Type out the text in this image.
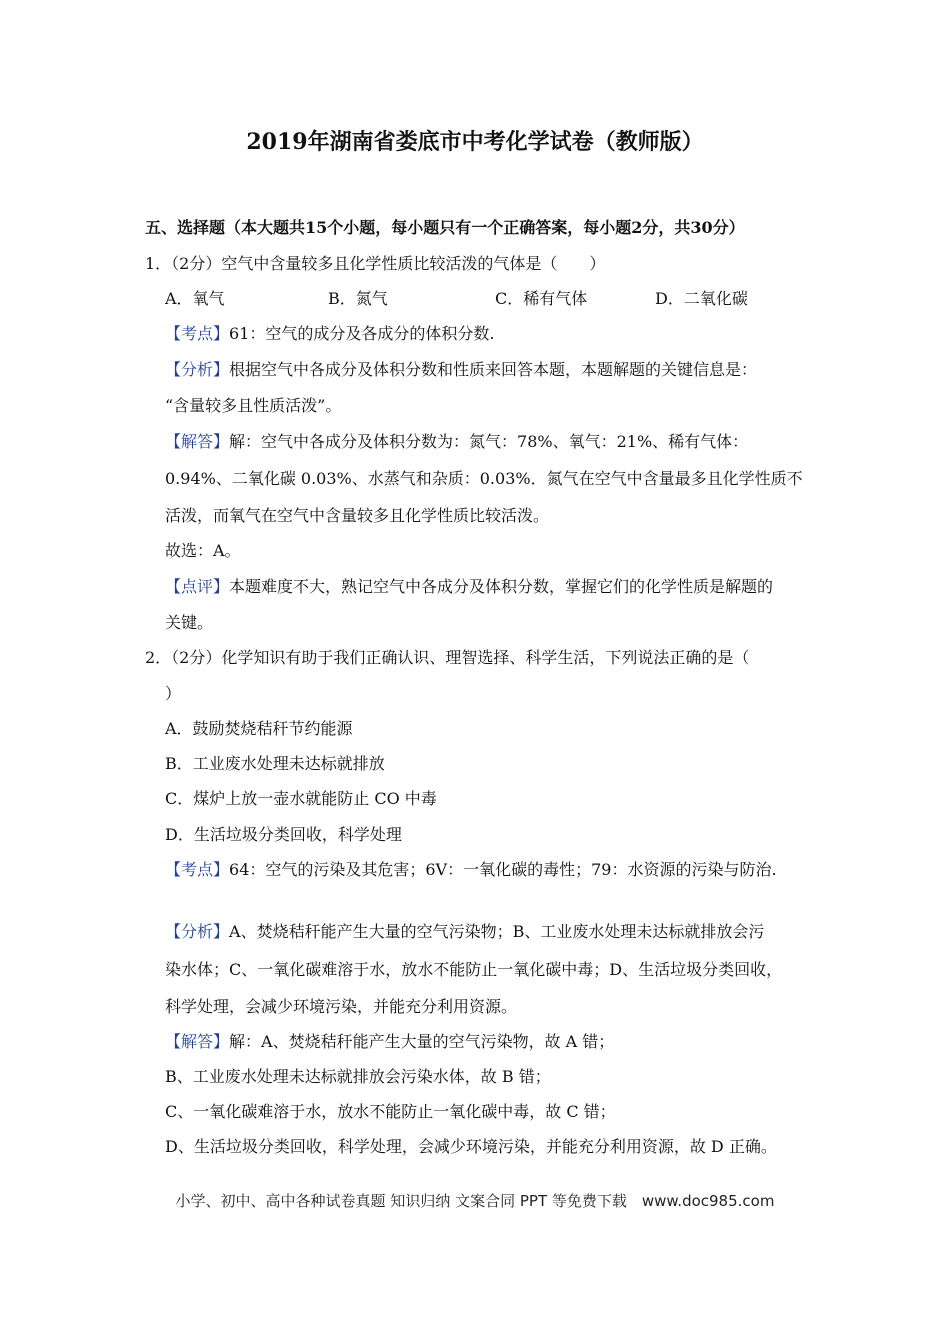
2019年湖南省娄底市中考化学试卷（教师版）
五、选择题（本大题共15个小题，每小题只有一个正确答案，每小题2分，共30分）
1．（2分）空气中含量较多且化学性质比较活泼的气体是（　　）
A．氧气	B．氮气	C．稀有气体	D．二氧化碳
【考点】61：空气的成分及各成分的体积分数.
【分析】根据空气中各成分及体积分数和性质来回答本题，本题解题的关键信息是：
“含量较多且性质活泼”。
【解答】解：空气中各成分及体积分数为：氮气：78%、氧气：21%、稀有气体：
0.94%、二氧化碳 0.03%、水蒸气和杂质：0.03%．氮气在空气中含量最多且化学性质不
活泼，而氧气在空气中含量较多且化学性质比较活泼。
故选：A。
【点评】本题难度不大，熟记空气中各成分及体积分数，掌握它们的化学性质是解题的
关键。
2．（2分）化学知识有助于我们正确认识、理智选择、科学生活，下列说法正确的是（
）
A．鼓励焚烧秸秆节约能源
B．工业废水处理未达标就排放
C．煤炉上放一壶水就能防止 CO 中毒
D．生活垃圾分类回收，科学处理
【考点】64：空气的污染及其危害；6V：一氧化碳的毒性；79：水资源的污染与防治.
【分析】A、焚烧秸秆能产生大量的空气污染物；B、工业废水处理未达标就排放会污
染水体；C、一氧化碳难溶于水，放水不能防止一氧化碳中毒；D、生活垃圾分类回收，
科学处理，会减少环境污染，并能充分利用资源。
【解答】解：A、焚烧秸秆能产生大量的空气污染物，故 A 错；
B、工业废水处理未达标就排放会污染水体，故 B 错；
C、一氧化碳难溶于水，放水不能防止一氧化碳中毒，故 C 错；
D、生活垃圾分类回收，科学处理，会减少环境污染，并能充分利用资源，故 D 正确。
小学、初中、高中各种试卷真题 知识归纳 文案合同 PPT 等免费下载　www.doc985.com
